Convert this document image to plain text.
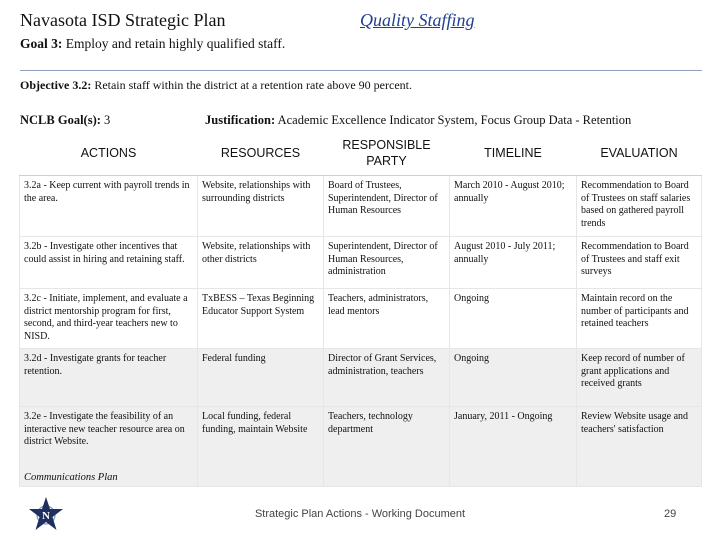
Navasota ISD Strategic Plan	Quality Staffing
Goal 3: Employ and retain highly qualified staff.
Objective 3.2: Retain staff within the district at a retention rate above 90 percent.
NCLB Goal(s): 3	Justification: Academic Excellence Indicator System, Focus Group Data - Retention
ACTIONS	RESOURCES	RESPONSIBLE PARTY	TIMELINE	EVALUATION
3.2a - Keep current with payroll trends in the area.	Website, relationships with surrounding districts	Board of Trustees, Superintendent, Director of Human Resources	March 2010 - August 2010; annually	Recommendation to Board of Trustees on staff salaries based on gathered payroll trends
3.2b - Investigate other incentives that could assist in hiring and retaining staff.	Website, relationships with other districts	Superintendent, Director of Human Resources, administration	August 2010 - July 2011; annually	Recommendation to Board of Trustees and staff exit surveys
3.2c - Initiate, implement, and evaluate a district mentorship program for first, second, and third-year teachers new to NISD.	TxBESS – Texas Beginning Educator Support System	Teachers, administrators, lead mentors	Ongoing	Maintain record on the number of participants and retained teachers
3.2d - Investigate grants for teacher retention.	Federal funding	Director of Grant Services, administration, teachers	Ongoing	Keep record of number of grant applications and received grants
3.2e - Investigate the feasibility of an interactive new teacher resource area on district Website.	Local funding, federal funding, maintain Website	Teachers, technology department	January, 2011 - Ongoing	Review Website usage and teachers' satisfaction
Communications Plan
N	Strategic Plan Actions - Working Document	29
